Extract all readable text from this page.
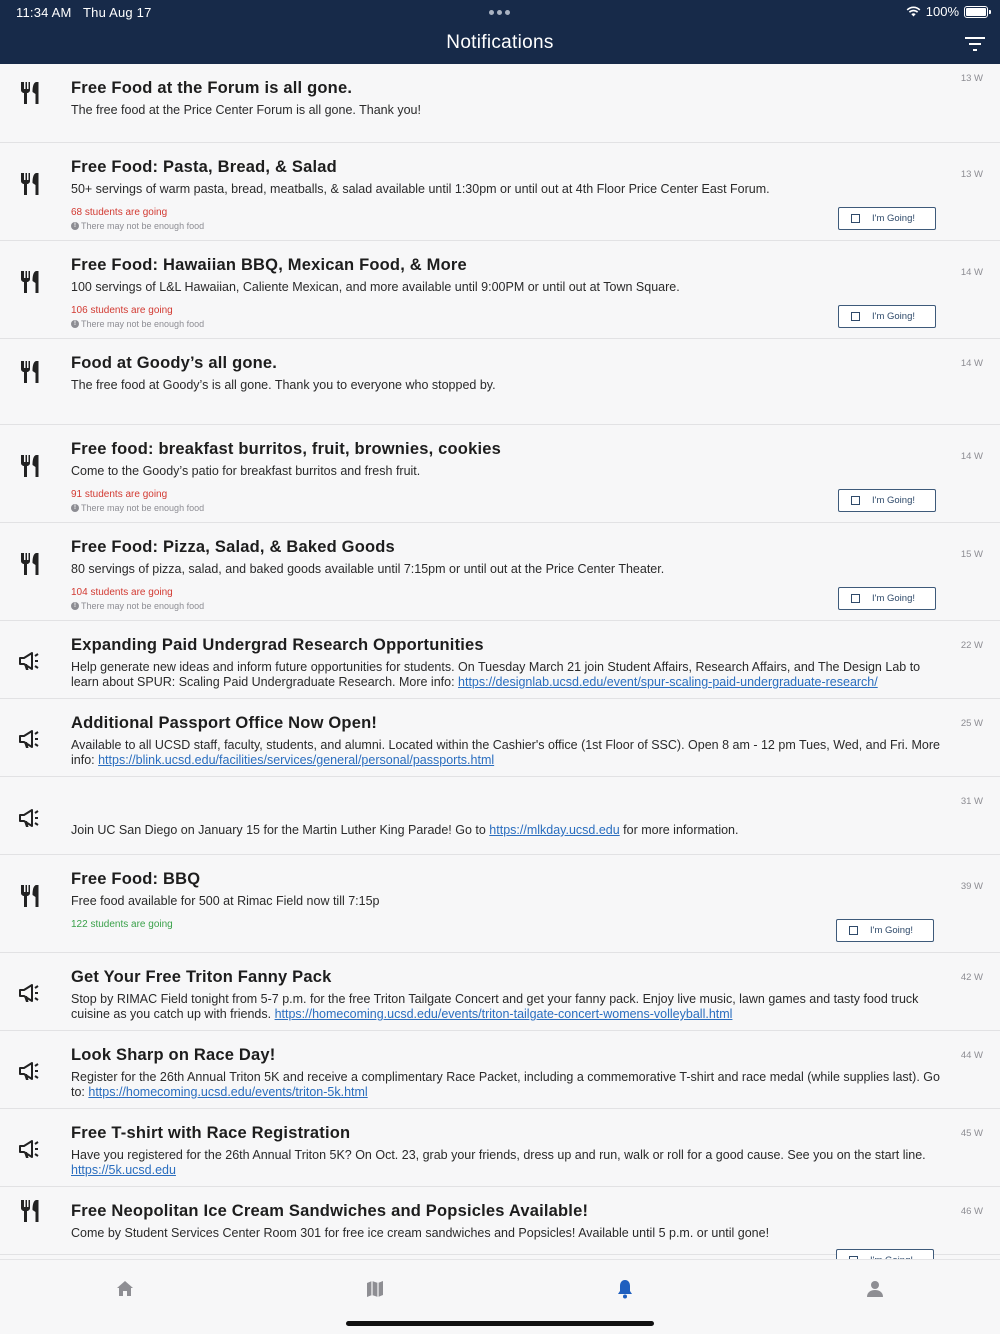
11:34 AM Thu Aug 17	100%
Notifications
Free Food at the Forum is all gone.
The free food at the Price Center Forum is all gone. Thank you!
13 W
Free Food: Pasta, Bread, & Salad
50+ servings of warm pasta, bread, meatballs, & salad available until 1:30pm or until out at 4th Floor Price Center East Forum.
13 W
68 students are going
! There may not be enough food
I'm Going!
Free Food: Hawaiian BBQ, Mexican Food, & More
100 servings of L&L Hawaiian, Caliente Mexican, and more available until 9:00PM or until out at Town Square.
14 W
106 students are going
! There may not be enough food
I'm Going!
Food at Goody’s all gone.
The free food at Goody’s is all gone. Thank you to everyone who stopped by.
14 W
Free food: breakfast burritos, fruit, brownies, cookies
Come to the Goody’s patio for breakfast burritos and fresh fruit.
14 W
91 students are going
! There may not be enough food
I'm Going!
Free Food: Pizza, Salad, & Baked Goods
80 servings of pizza, salad, and baked goods available until 7:15pm or until out at the Price Center Theater.
15 W
104 students are going
! There may not be enough food
I'm Going!
Expanding Paid Undergrad Research Opportunities
Help generate new ideas and inform future opportunities for students. On Tuesday March 21 join Student Affairs, Research Affairs, and The Design Lab to learn about SPUR: Scaling Paid Undergraduate Research. More info: https://designlab.ucsd.edu/event/spur-scaling-paid-undergraduate-research/
22 W
Additional Passport Office Now Open!
Available to all UCSD staff, faculty, students, and alumni. Located within the Cashier's office (1st Floor of SSC). Open 8 am - 12 pm Tues, Wed, and Fri. More info: https://blink.ucsd.edu/facilities/services/general/personal/passports.html
25 W
Join UC San Diego on January 15 for the Martin Luther King Parade! Go to https://mlkday.ucsd.edu for more information.
31 W
Free Food: BBQ
Free food available for 500 at Rimac Field now till 7:15p
39 W
122 students are going
I'm Going!
Get Your Free Triton Fanny Pack
Stop by RIMAC Field tonight from 5-7 p.m. for the free Triton Tailgate Concert and get your fanny pack. Enjoy live music, lawn games and tasty food truck cuisine as you catch up with friends. https://homecoming.ucsd.edu/events/triton-tailgate-concert-womens-volleyball.html
42 W
Look Sharp on Race Day!
Register for the 26th Annual Triton 5K and receive a complimentary Race Packet, including a commemorative T-shirt and race medal (while supplies last). Go to: https://homecoming.ucsd.edu/events/triton-5k.html
44 W
Free T-shirt with Race Registration
Have you registered for the 26th Annual Triton 5K? On Oct. 23, grab your friends, dress up and run, walk or roll for a good cause. See you on the start line. https://5k.ucsd.edu
45 W
Free Neopolitan Ice Cream Sandwiches and Popsicles Available!
Come by Student Services Center Room 301 for free ice cream sandwiches and Popsicles! Available until 5 p.m. or until gone!
46 W
